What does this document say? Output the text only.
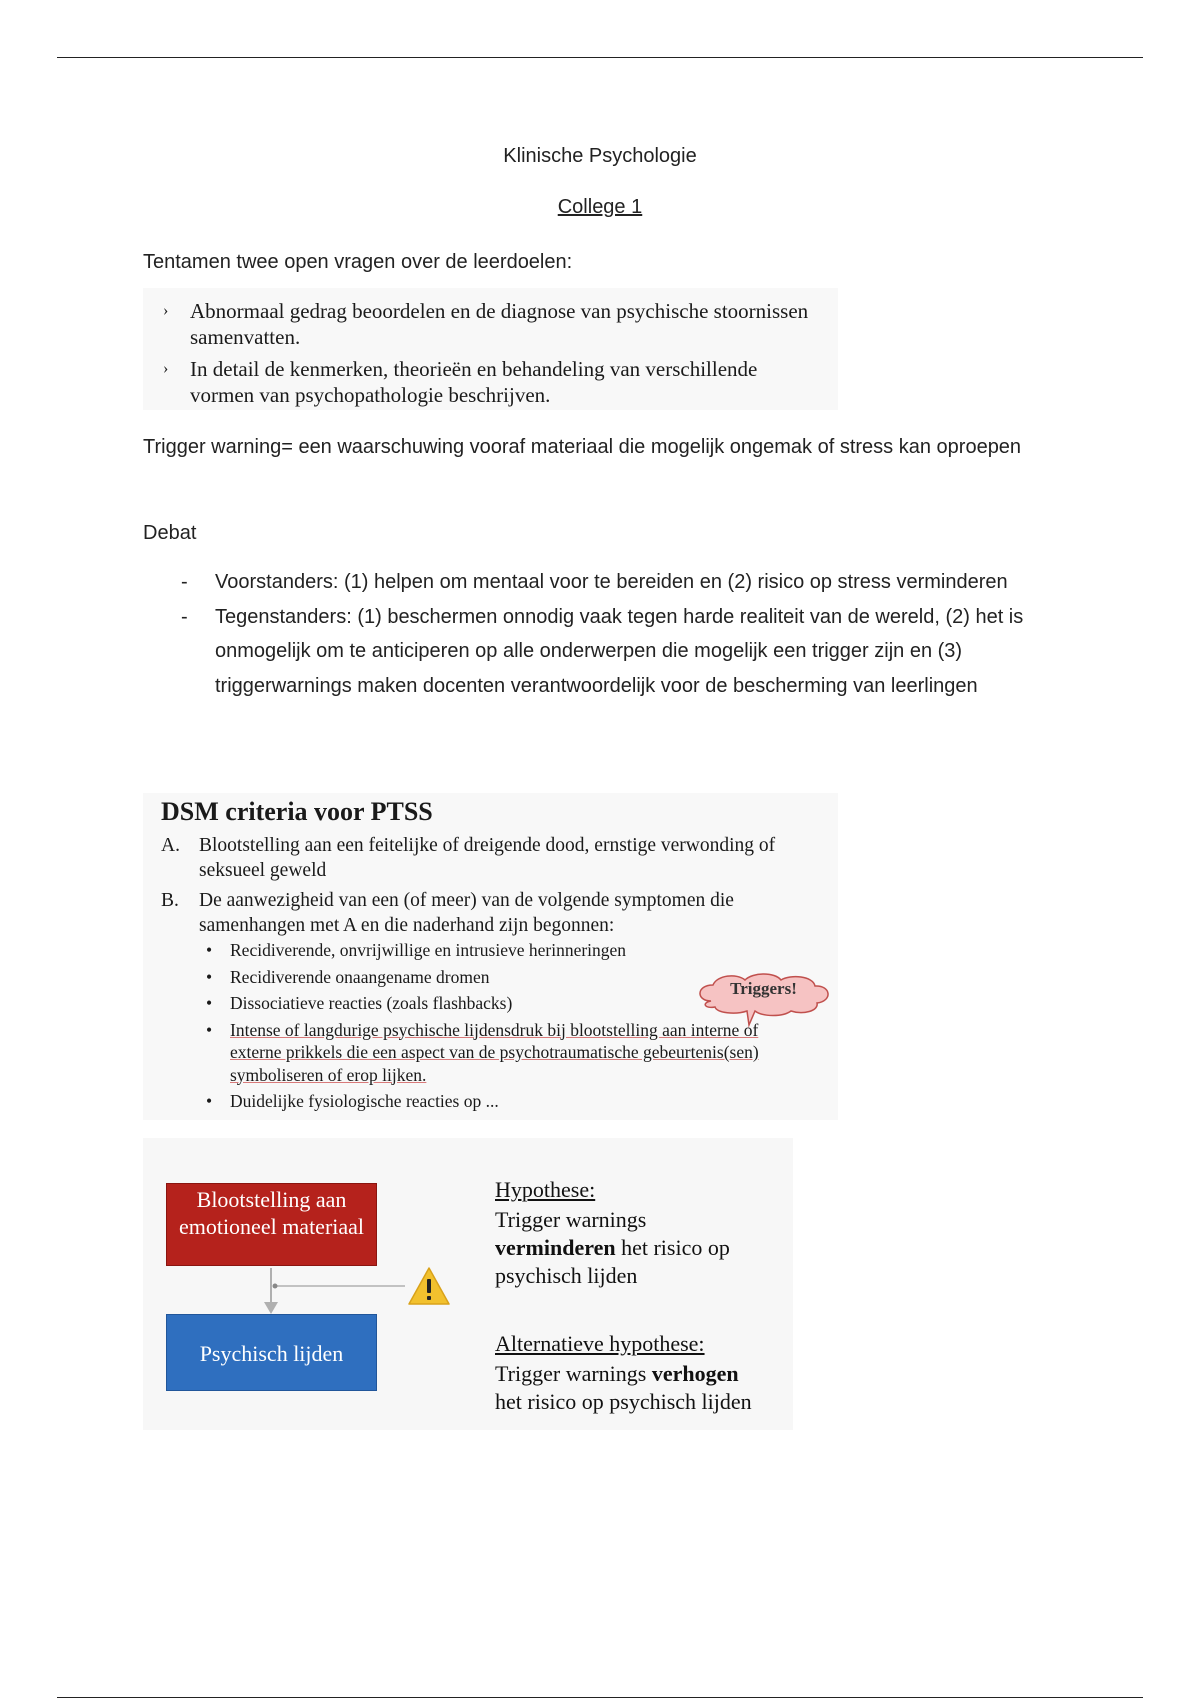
Klinische Psychologie
College 1
Tentamen twee open vragen over de leerdoelen:
› Abnormaal gedrag beoordelen en de diagnose van psychische stoornissen samenvatten.
› In detail de kenmerken, theorieën en behandeling van verschillende vormen van psychopathologie beschrijven.
Trigger warning= een waarschuwing vooraf materiaal die mogelijk ongemak of stress kan oproepen
Debat
- Voorstanders: (1) helpen om mentaal voor te bereiden en (2) risico op stress verminderen
- Tegenstanders: (1) beschermen onnodig vaak tegen harde realiteit van de wereld, (2) het is onmogelijk om te anticiperen op alle onderwerpen die mogelijk een trigger zijn en (3) triggerwarnings maken docenten verantwoordelijk voor de bescherming van leerlingen
DSM criteria voor PTSS
A. Blootstelling aan een feitelijke of dreigende dood, ernstige verwonding of seksueel geweld
B. De aanwezigheid van een (of meer) van de volgende symptomen die samenhangen met A en die naderhand zijn begonnen:
• Recidiverende, onvrijwillige en intrusieve herinneringen
• Recidiverende onaangename dromen
• Dissociatieve reacties (zoals flashbacks)
• Intense of langdurige psychische lijdensdruk bij blootstelling aan interne of externe prikkels die een aspect van de psychotraumatische gebeurtenis(sen) symboliseren of erop lijken.
• Duidelijke fysiologische reacties op ...
Triggers!
Blootstelling aan emotioneel materiaal
Psychisch lijden
Hypothese:
Trigger warnings
verminderen het risico op psychisch lijden
Alternatieve hypothese:
Trigger warnings verhogen
het risico op psychisch lijden
